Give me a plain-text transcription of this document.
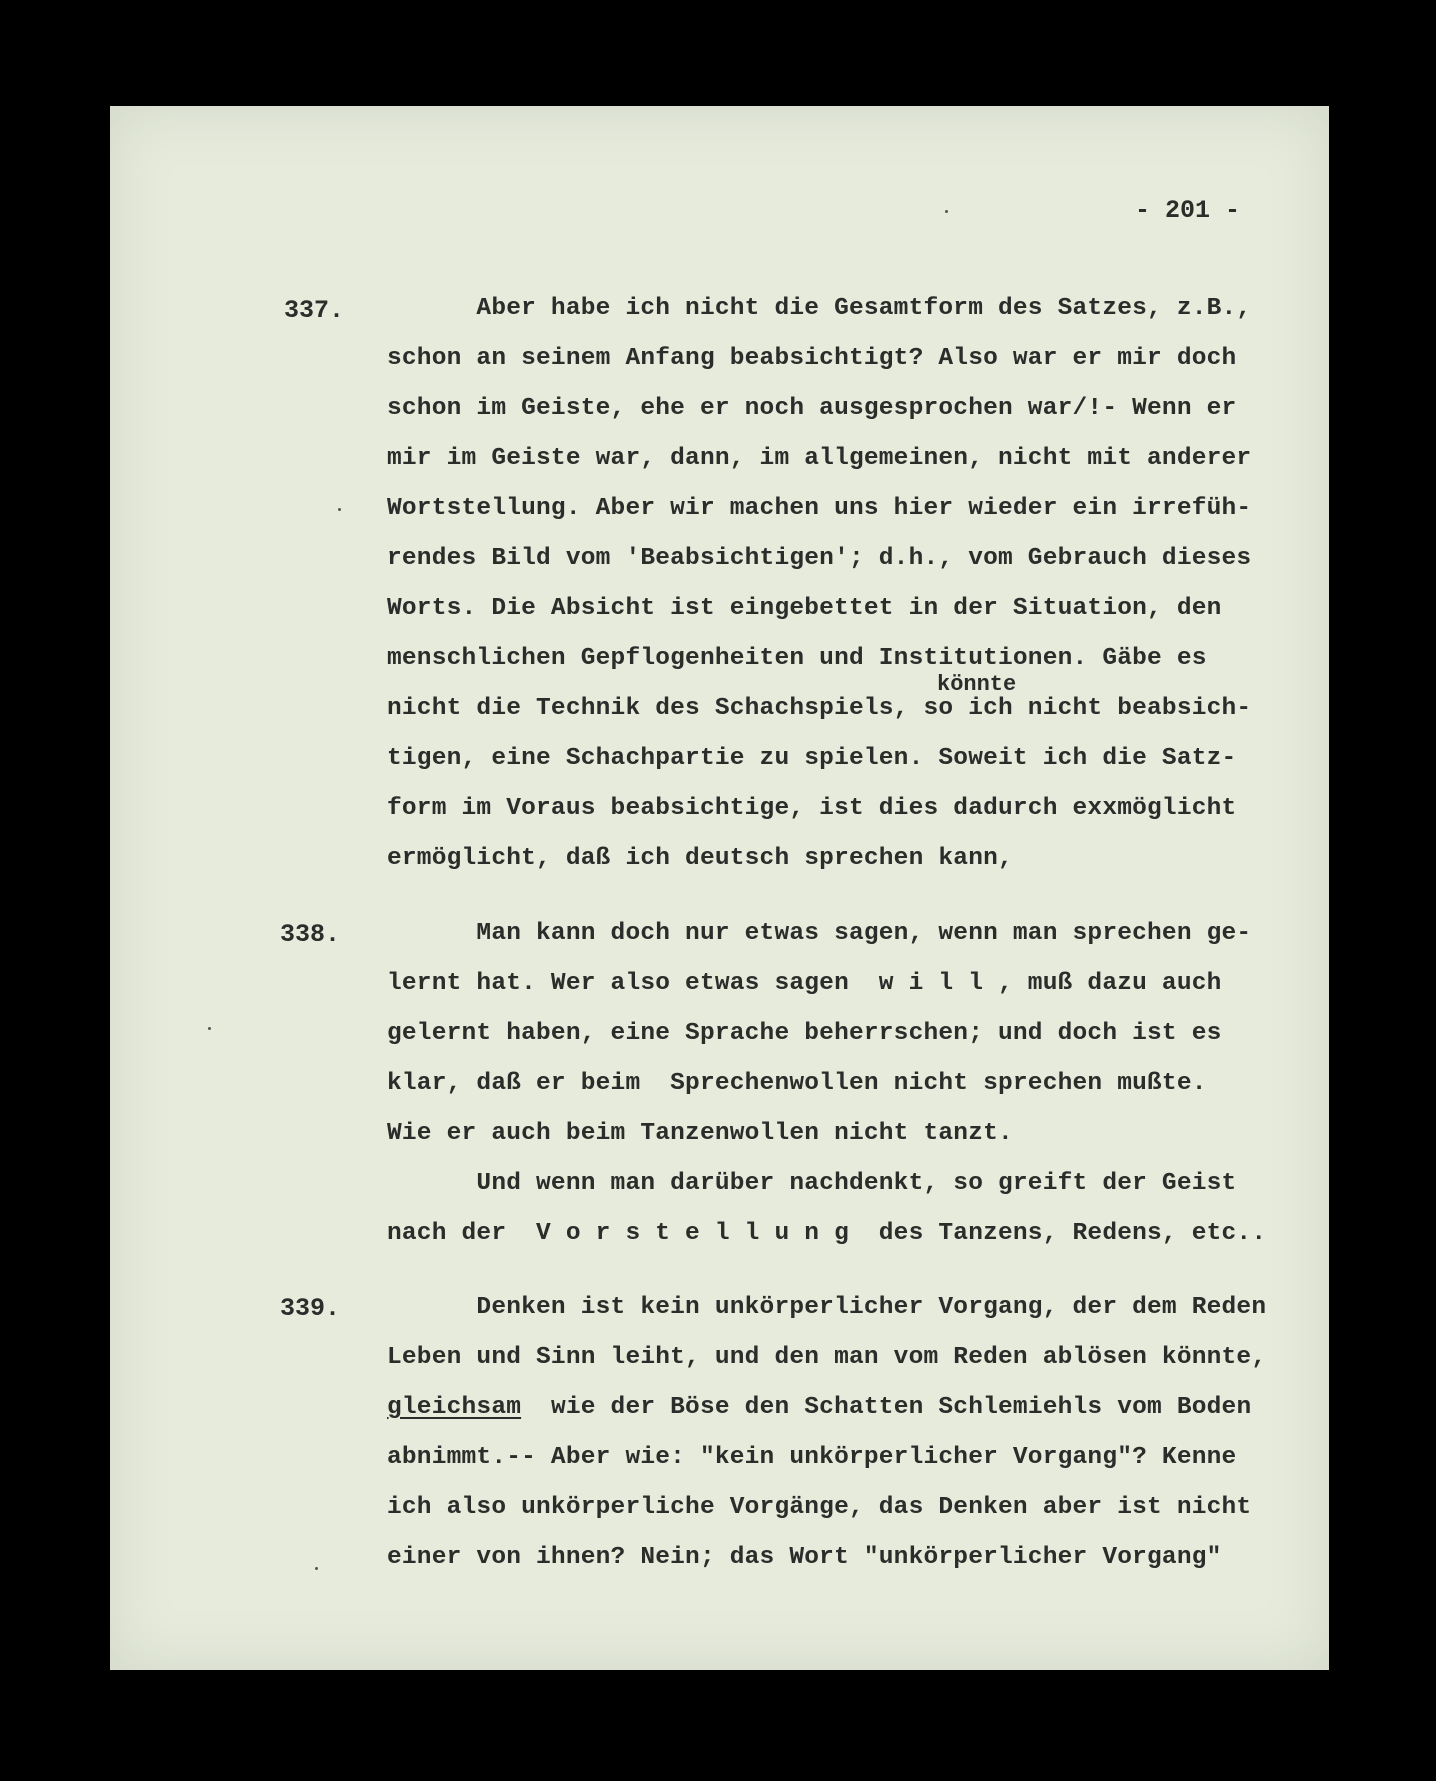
- 201 -
337.
könnte
Aber habe ich nicht die Gesamtform des Satzes, z.B.,
schon an seinem Anfang beabsichtigt? Also war er mir doch
schon im Geiste, ehe er noch ausgesprochen war/!- Wenn er
mir im Geiste war, dann, im allgemeinen, nicht mit anderer
Wortstellung. Aber wir machen uns hier wieder ein irrefüh-
rendes Bild vom 'Beabsichtigen'; d.h., vom Gebrauch dieses
Worts. Die Absicht ist eingebettet in der Situation, den
menschlichen Gepflogenheiten und Institutionen. Gäbe es
nicht die Technik des Schachspiels, so ich nicht beabsich-
tigen, eine Schachpartie zu spielen. Soweit ich die Satz-
form im Voraus beabsichtige, ist dies dadurch exxmöglicht
ermöglicht, daß ich deutsch sprechen kann,
338. Man kann doch nur etwas sagen, wenn man sprechen ge-
lernt hat. Wer also etwas sagen  w i l l , muß dazu auch
gelernt haben, eine Sprache beherrschen; und doch ist es
klar, daß er beim  Sprechenwollen nicht sprechen mußte.
Wie er auch beim Tanzenwollen nicht tanzt.
Und wenn man darüber nachdenkt, so greift der Geist
nach der  V o r s t e l l u n g  des Tanzens, Redens, etc..
339. Denken ist kein unkörperlicher Vorgang, der dem Reden
Leben und Sinn leiht, und den man vom Reden ablösen könnte,
gleichsam wie der Böse den Schatten Schlemiehls vom Boden
abnimmt.-- Aber wie: "kein unkörperlicher Vorgang"? Kenne
ich also unkörperliche Vorgänge, das Denken aber ist nicht
einer von ihnen? Nein; das Wort "unkörperlicher Vorgang"
